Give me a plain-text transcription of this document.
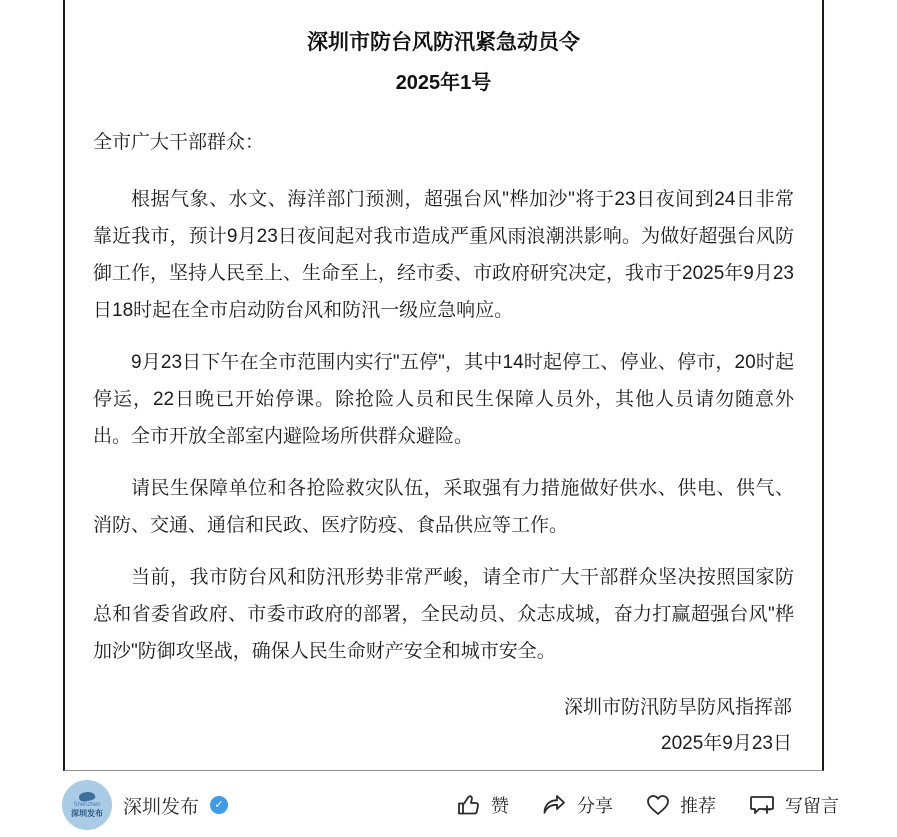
深圳市防台风防汛紧急动员令
2025年1号
全市广大干部群众：
根据气象、水文、海洋部门预测，超强台风"桦加沙"将于23日夜间到24日非常靠近我市，预计9月23日夜间起对我市造成严重风雨浪潮洪影响。为做好超强台风防御工作，坚持人民至上、生命至上，经市委、市政府研究决定，我市于2025年9月23日18时起在全市启动防台风和防汛一级应急响应。
9月23日下午在全市范围内实行"五停"，其中14时起停工、停业、停市，20时起停运，22日晚已开始停课。除抢险人员和民生保障人员外，其他人员请勿随意外出。全市开放全部室内避险场所供群众避险。
请民生保障单位和各抢险救灾队伍，采取强有力措施做好供水、供电、供气、消防、交通、通信和民政、医疗防疫、食品供应等工作。
当前，我市防台风和防汛形势非常严峻，请全市广大干部群众坚决按照国家防总和省委省政府、市委市政府的部署，全民动员、众志成城，奋力打赢超强台风"桦加沙"防御攻坚战，确保人民生命财产安全和城市安全。
深圳市防汛防旱防风指挥部
2025年9月23日
Shenzhen
深圳发布 深圳发布	✓	赞	分享	推荐	写留言
